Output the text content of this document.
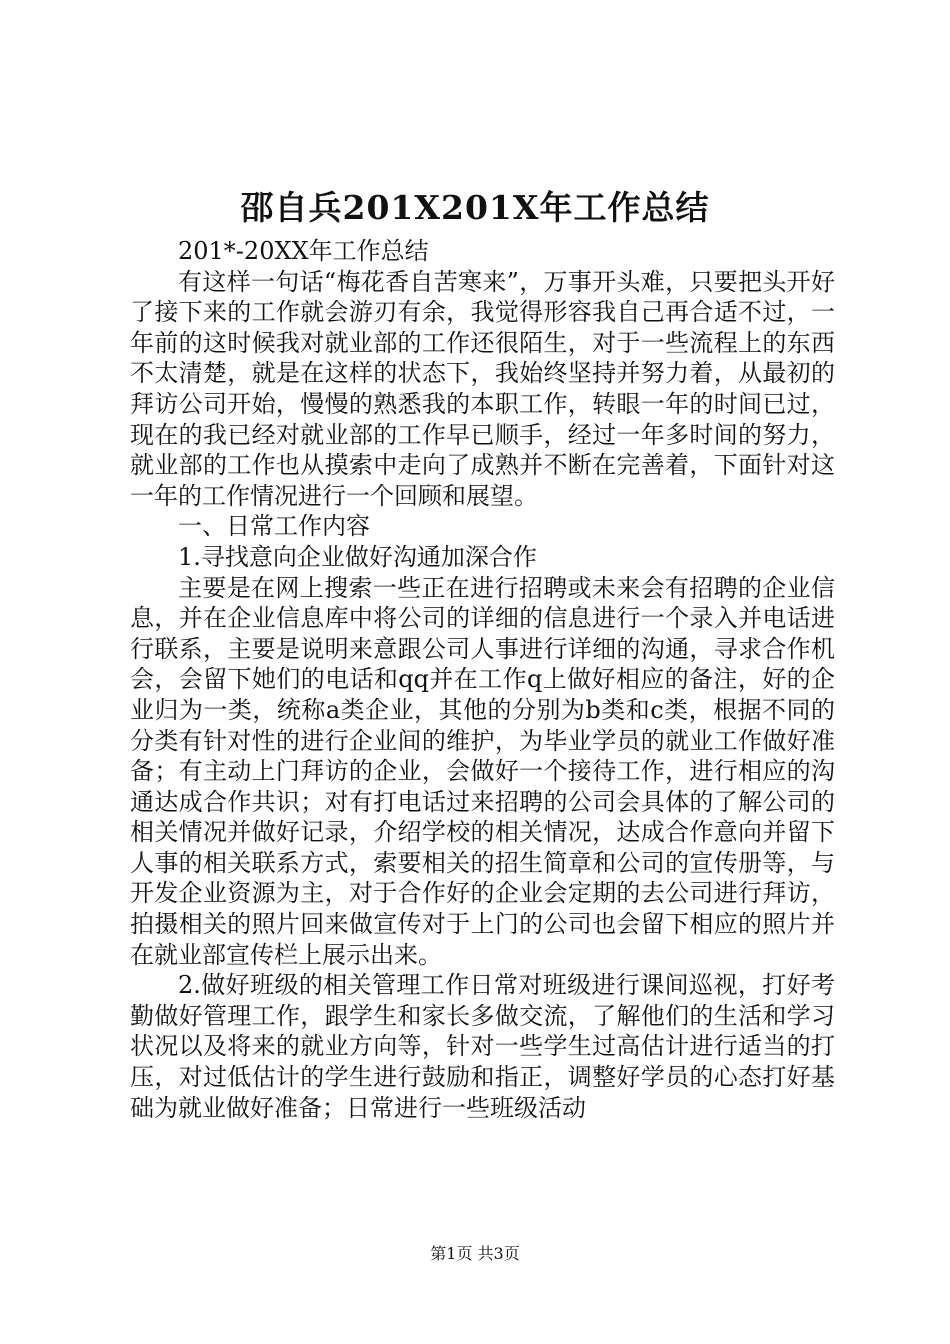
邵自兵201X201X年工作总结

201*-20XX年工作总结

有这样一句话“梅花香自苦寒来”，万事开头难，只要把头开好了接下来的工作就会游刃有余，我觉得形容我自己再合适不过，一年前的这时候我对就业部的工作还很陌生，对于一些流程上的东西不太清楚，就是在这样的状态下，我始终坚持并努力着，从最初的拜访公司开始，慢慢的熟悉我的本职工作，转眼一年的时间已过，现在的我已经对就业部的工作早已顺手，经过一年多时间的努力，就业部的工作也从摸索中走向了成熟并不断在完善着，下面针对这一年的工作情况进行一个回顾和展望。

一、日常工作内容

1.寻找意向企业做好沟通加深合作

主要是在网上搜索一些正在进行招聘或未来会有招聘的企业信息，并在企业信息库中将公司的详细的信息进行一个录入并电话进行联系，主要是说明来意跟公司人事进行详细的沟通，寻求合作机会，会留下她们的电话和qq并在工作q上做好相应的备注，好的企业归为一类，统称a类企业，其他的分别为b类和c类，根据不同的分类有针对性的进行企业间的维护，为毕业学员的就业工作做好准备；有主动上门拜访的企业，会做好一个接待工作，进行相应的沟通达成合作共识；对有打电话过来招聘的公司会具体的了解公司的相关情况并做好记录，介绍学校的相关情况，达成合作意向并留下人事的相关联系方式，索要相关的招生简章和公司的宣传册等，与开发企业资源为主，对于合作好的企业会定期的去公司进行拜访，拍摄相关的照片回来做宣传对于上门的公司也会留下相应的照片并在就业部宣传栏上展示出来。

2.做好班级的相关管理工作日常对班级进行课间巡视，打好考勤做好管理工作，跟学生和家长多做交流，了解他们的生活和学习状况以及将来的就业方向等，针对一些学生过高估计进行适当的打压，对过低估计的学生进行鼓励和指正，调整好学员的心态打好基础为就业做好准备；日常进行一些班级活动

第1页 共3页
